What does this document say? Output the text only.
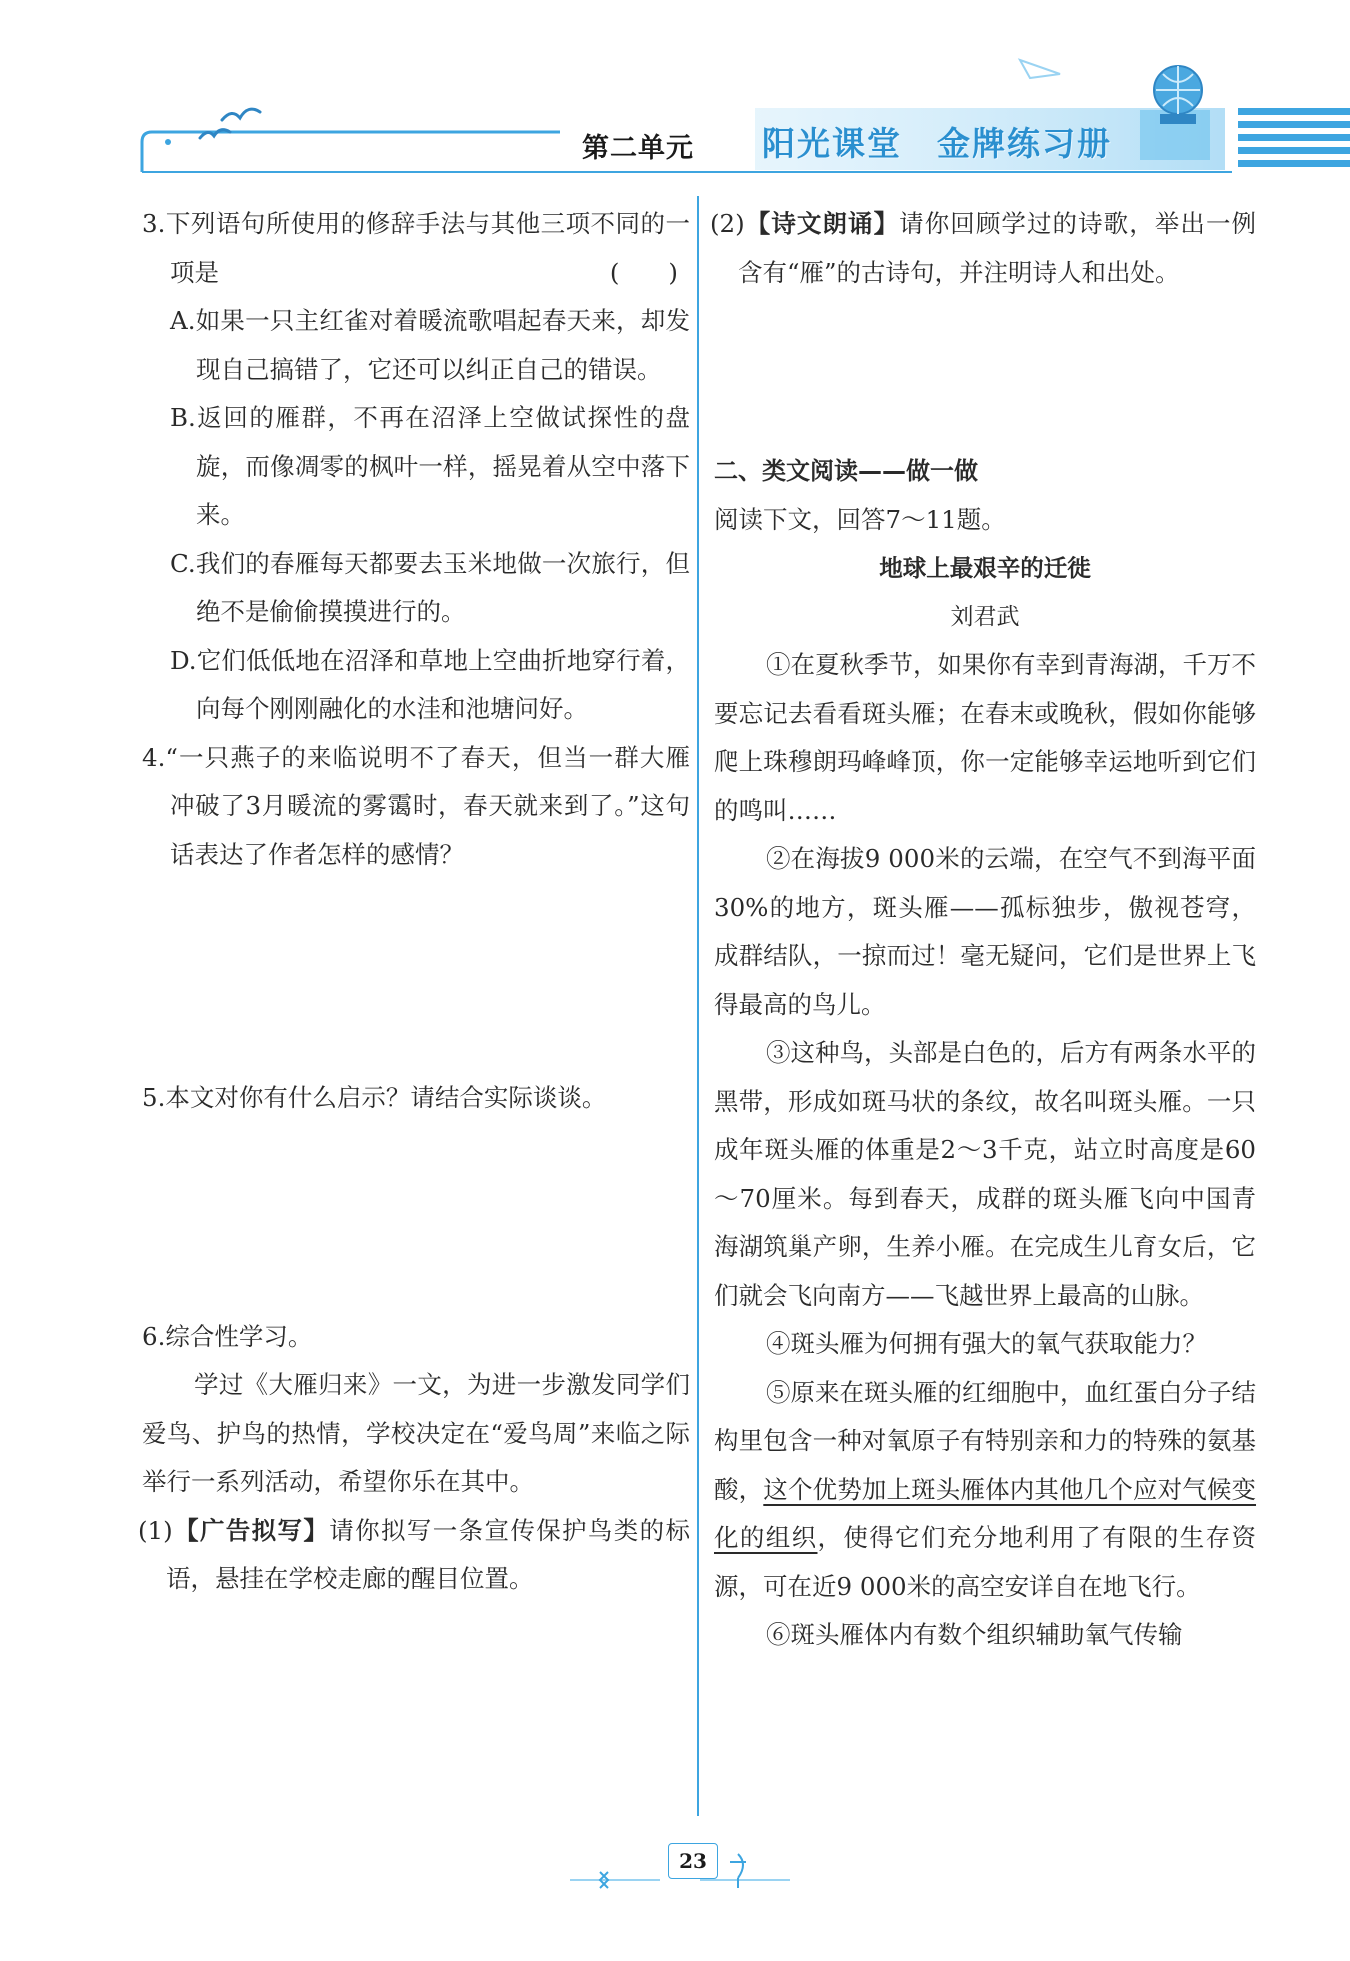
第二单元 阳光课堂　金牌练习册

3.下列语句所使用的修辞手法与其他三项不同的一项是	(　　)

A.如果一只主红雀对着暖流歌唱起春天来，却发现自己搞错了，它还可以纠正自己的错误。

B.返回的雁群，不再在沼泽上空做试探性的盘旋，而像凋零的枫叶一样，摇晃着从空中落下来。

C.我们的春雁每天都要去玉米地做一次旅行，但绝不是偷偷摸摸进行的。

D.它们低低地在沼泽和草地上空曲折地穿行着，向每个刚刚融化的水洼和池塘问好。

4.“一只燕子的来临说明不了春天，但当一群大雁冲破了3月暖流的雾霭时，春天就来到了。”这句话表达了作者怎样的感情？

5.本文对你有什么启示？请结合实际谈谈。

6.综合性学习。

学过《大雁归来》一文，为进一步激发同学们爱鸟、护鸟的热情，学校决定在“爱鸟周”来临之际举行一系列活动，希望你乐在其中。

(1)【广告拟写】请你拟写一条宣传保护鸟类的标语，悬挂在学校走廊的醒目位置。

(2)【诗文朗诵】请你回顾学过的诗歌，举出一例含有“雁”的古诗句，并注明诗人和出处。

二、类文阅读——做一做

阅读下文，回答7～11题。

地球上最艰辛的迁徙

刘君武

①在夏秋季节，如果你有幸到青海湖，千万不要忘记去看看斑头雁；在春末或晚秋，假如你能够爬上珠穆朗玛峰峰顶，你一定能够幸运地听到它们的鸣叫……

②在海拔9 000米的云端，在空气不到海平面30%的地方，斑头雁——孤标独步，傲视苍穹，成群结队，一掠而过！毫无疑问，它们是世界上飞得最高的鸟儿。

③这种鸟，头部是白色的，后方有两条水平的黑带，形成如斑马状的条纹，故名叫斑头雁。一只成年斑头雁的体重是2～3千克，站立时高度是60～70厘米。每到春天，成群的斑头雁飞向中国青海湖筑巢产卵，生养小雁。在完成生儿育女后，它们就会飞向南方——飞越世界上最高的山脉。

④斑头雁为何拥有强大的氧气获取能力？

⑤原来在斑头雁的红细胞中，血红蛋白分子结构里包含一种对氧原子有特别亲和力的特殊的氨基酸，这个优势加上斑头雁体内其他几个应对气候变化的组织，使得它们充分地利用了有限的生存资源，可在近9 000米的高空安详自在地飞行。

⑥斑头雁体内有数个组织辅助氧气传输

23
